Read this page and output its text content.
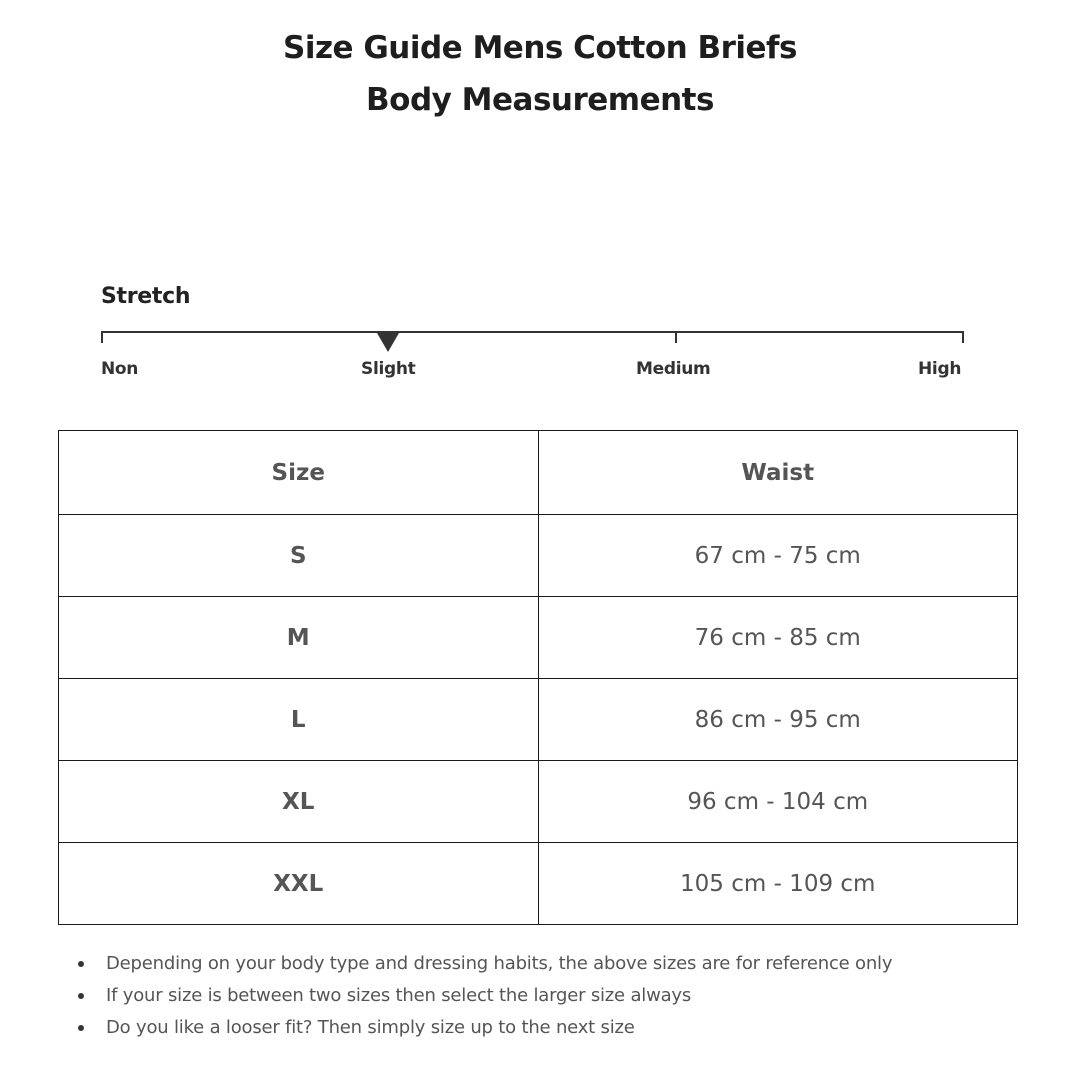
Size Guide Mens Cotton Briefs
Body Measurements
Stretch
Non	Slight	Medium	High
Size	Waist
S	67 cm - 75 cm
M	76 cm - 85 cm
L	86 cm - 95 cm
XL	96 cm - 104 cm
XXL	105 cm - 109 cm
Depending on your body type and dressing habits, the above sizes are for reference only
If your size is between two sizes then select the larger size always
Do you like a looser fit? Then simply size up to the next size
